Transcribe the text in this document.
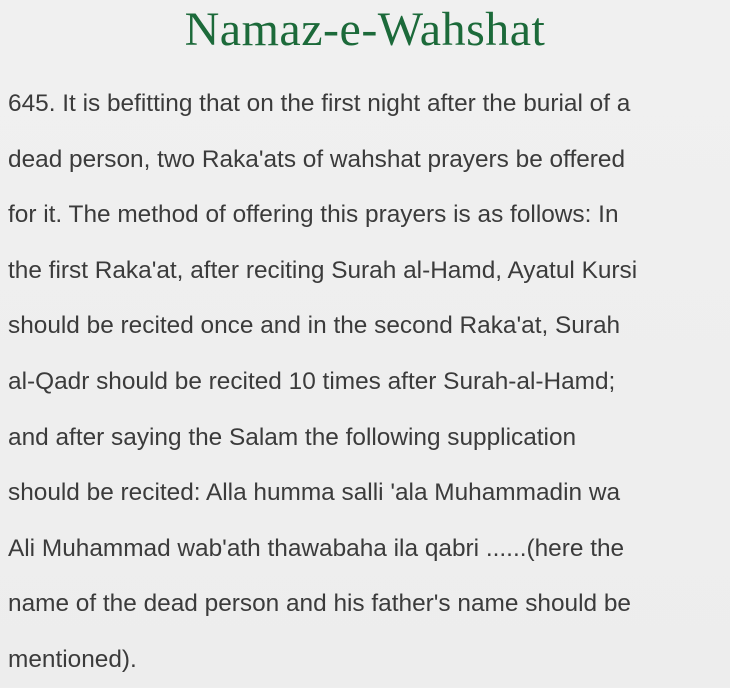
Namaz-e-Wahshat
645. It is befitting that on the first night after the burial of a
dead person, two Raka'ats of wahshat prayers be offered
for it. The method of offering this prayers is as follows: In
the first Raka'at, after reciting Surah al-Hamd, Ayatul Kursi
should be recited once and in the second Raka'at, Surah
al-Qadr should be recited 10 times after Surah-al-Hamd;
and after saying the Salam the following supplication
should be recited: Alla humma salli 'ala Muhammadin wa
Ali Muhammad wab'ath thawabaha ila qabri ......(here the
name of the dead person and his father's name should be
mentioned).
